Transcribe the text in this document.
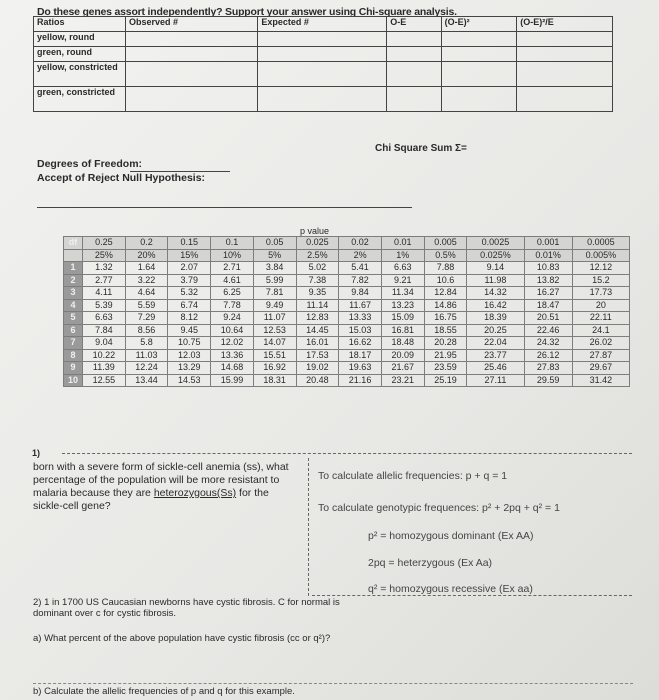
Do these genes assort independently? Support your answer using Chi-square analysis.
Ratios	Observed #	Expected #	O-E	(O-E)²	(O-E)²/E
yellow, round					
green, round					
yellow, constricted					
green, constricted					
Chi Square Sum Σ=
Degrees of Freedom:
Accept of Reject Null Hypothesis:
p value
df	0.25	0.2	0.15	0.1	0.05	0.025	0.02	0.01	0.005	0.0025	0.001	0.0005
	25%	20%	15%	10%	5%	2.5%	2%	1%	0.5%	0.025%	0.01%	0.005%
1	1.32	1.64	2.07	2.71	3.84	5.02	5.41	6.63	7.88	9.14	10.83	12.12
2	2.77	3.22	3.79	4.61	5.99	7.38	7.82	9.21	10.6	11.98	13.82	15.2
3	4.11	4.64	5.32	6.25	7.81	9.35	9.84	11.34	12.84	14.32	16.27	17.73
4	5.39	5.59	6.74	7.78	9.49	11.14	11.67	13.23	14.86	16.42	18.47	20
5	6.63	7.29	8.12	9.24	11.07	12.83	13.33	15.09	16.75	18.39	20.51	22.11
6	7.84	8.56	9.45	10.64	12.53	14.45	15.03	16.81	18.55	20.25	22.46	24.1
7	9.04	5.8	10.75	12.02	14.07	16.01	16.62	18.48	20.28	22.04	24.32	26.02
8	10.22	11.03	12.03	13.36	15.51	17.53	18.17	20.09	21.95	23.77	26.12	27.87
9	11.39	12.24	13.29	14.68	16.92	19.02	19.63	21.67	23.59	25.46	27.83	29.67
10	12.55	13.44	14.53	15.99	18.31	20.48	21.16	23.21	25.19	27.11	29.59	31.42
1)
born with a severe form of sickle-cell anemia (ss), what percentage of the population will be more resistant to malaria because they are heterozygous(Ss) for the sickle-cell gene?
To calculate allelic frequencies: p + q = 1
To calculate genotypic frequences: p² + 2pq + q² = 1
p² = homozygous dominant (Ex AA)
2pq = heterzygous (Ex Aa)
q² = homozygous recessive (Ex aa)
2) 1 in 1700 US Caucasian newborns have cystic fibrosis. C for normal is dominant over c for cystic fibrosis.
a) What percent of the above population have cystic fibrosis (cc or q²)?
b) Calculate the allelic frequencies of p and q for this example.
